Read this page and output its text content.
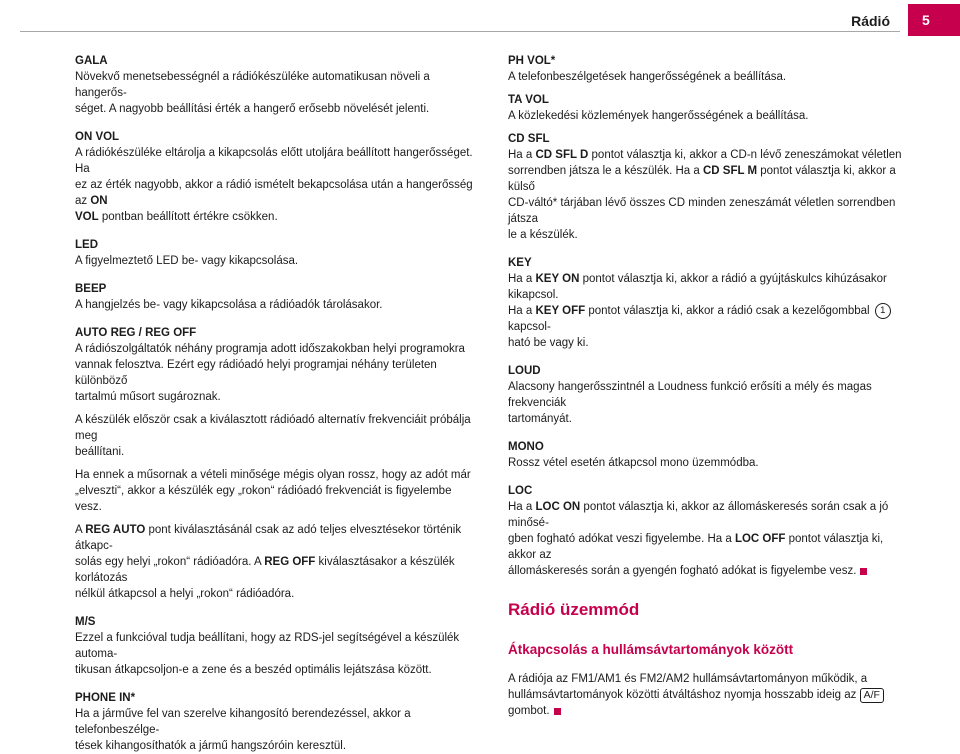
Rádió 5

GALA

Növekvő menetsebességnél a rádiókészüléke automatikusan növeli a hangerős-
séget. A nagyobb beállítási érték a hangerő erősebb növelését jelenti.

ON VOL

A rádiókészüléke eltárolja a kikapcsolás előtt utoljára beállított hangerősséget. Ha
ez az érték nagyobb, akkor a rádió ismételt bekapcsolása után a hangerősség az ON
VOL pontban beállított értékre csökken.

LED

A figyelmeztető LED be- vagy kikapcsolása.

BEEP

A hangjelzés be- vagy kikapcsolása a rádióadók tárolásakor.

AUTO REG / REG OFF

A rádiószolgáltatók néhány programja adott időszakokban helyi programokra
vannak felosztva. Ezért egy rádióadó helyi programjai néhány területen különböző
tartalmú műsort sugároznak.

A készülék először csak a kiválasztott rádióadó alternatív frekvenciáit próbálja meg
beállítani.

Ha ennek a műsornak a vételi minősége mégis olyan rossz, hogy az adót már
„elveszti“, akkor a készülék egy „rokon“ rádióadó frekvenciát is figyelembe vesz.

A REG AUTO pont kiválasztásánál csak az adó teljes elvesztésekor történik átkapc-
solás egy helyi „rokon“ rádióadóra. A REG OFF kiválasztásakor a készülék korlátozás
nélkül átkapcsol a helyi „rokon“ rádióadóra.

M/S

Ezzel a funkcióval tudja beállítani, hogy az RDS-jel segítségével a készülék automa-
tikusan átkapcsoljon-e a zene és a beszéd optimális lejátszása között.

PHONE IN*

Ha a járműve fel van szerelve kihangosító berendezéssel, akkor a telefonbeszélge-
tések kihangosíthatók a jármű hangszóróin keresztül.

PH VOL*

A telefonbeszélgetések hangerősségének a beállítása.

TA VOL

A közlekedési közlemények hangerősségének a beállítása.

CD SFL

Ha a CD SFL D pontot választja ki, akkor a CD-n lévő zeneszámokat véletlen
sorrendben játsza le a készülék. Ha a CD SFL M pontot választja ki, akkor a külső
CD-váltó* tárjában lévő összes CD minden zeneszámát véletlen sorrendben játsza
le a készülék.

KEY

Ha a KEY ON pontot választja ki, akkor a rádió a gyújtáskulcs kihúzásakor kikapcsol.
Ha a KEY OFF pontot választja ki, akkor a rádió csak a kezelőgombbal 1 kapcsol-
ható be vagy ki.

LOUD

Alacsony hangerősszintnél a Loudness funkció erősíti a mély és magas frekvenciák
tartományát.

MONO

Rossz vétel esetén átkapcsol mono üzemmódba.

LOC

Ha a LOC ON pontot választja ki, akkor az állomáskeresés során csak a jó minősé-
gben fogható adókat veszi figyelembe. Ha a LOC OFF pontot választja ki, akkor az
állomáskeresés során a gyengén fogható adókat is figyelembe vesz.

Rádió üzemmód

Átkapcsolás a hullámsávtartományok között

A rádiója az FM1/AM1 és FM2/AM2 hullámsávtartományon működik, a
hullámsávtartományok közötti átváltáshoz nyomja hosszabb ideig az A/F
gombot.
